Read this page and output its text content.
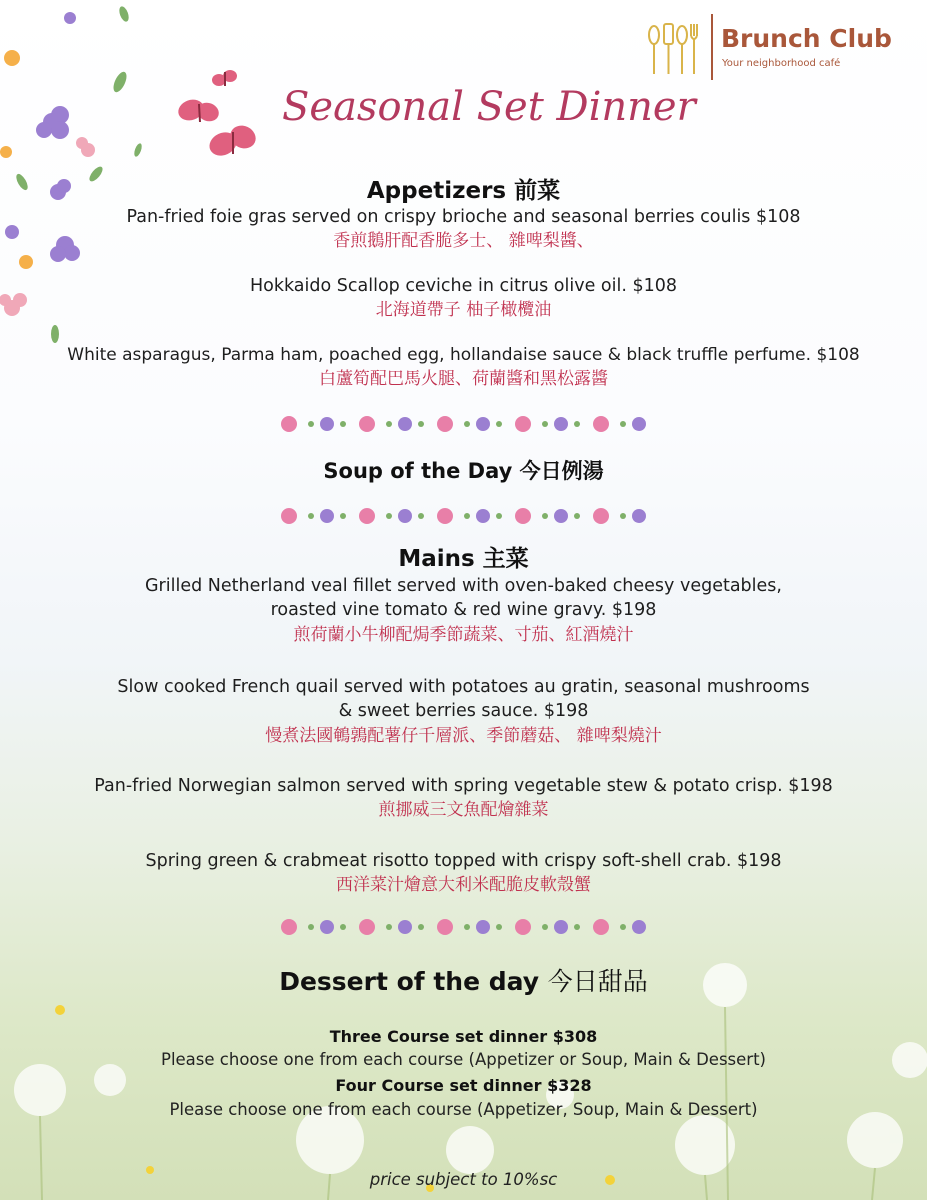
Brunch Club
Your neighborhood café
Seasonal Set Dinner
Appetizers 前菜
Pan-fried foie gras served on crispy brioche and seasonal berries coulis $108
香煎鵝肝配香脆多士、 雜啤梨醬、
Hokkaido Scallop ceviche in citrus olive oil. $108
北海道帶子 柚子橄欖油
White asparagus, Parma ham, poached egg, hollandaise sauce & black truffle perfume. $108
白蘆筍配巴馬火腿、荷蘭醬和黑松露醬
Soup of the Day 今日例湯
Mains 主菜
Grilled Netherland veal fillet served with oven-baked cheesy vegetables,
roasted vine tomato & red wine gravy. $198
煎荷蘭小牛柳配焗季節蔬菜、寸茄、紅酒燒汁
Slow cooked French quail served with potatoes au gratin, seasonal mushrooms
& sweet berries sauce. $198
慢煮法國鵪鶉配薯仔千層派、季節蘑菇、 雜啤梨燒汁
Pan-fried Norwegian salmon served with spring vegetable stew & potato crisp. $198
煎挪威三文魚配燴雜菜
Spring green & crabmeat risotto topped with crispy soft-shell crab. $198
西洋菜汁燴意大利米配脆皮軟殼蟹
Dessert of the day 今日甜品
Three Course set dinner $308
Please choose one from each course (Appetizer or Soup, Main & Dessert)
Four Course set dinner $328
Please choose one from each course (Appetizer, Soup, Main & Dessert)
price subject to 10%sc
